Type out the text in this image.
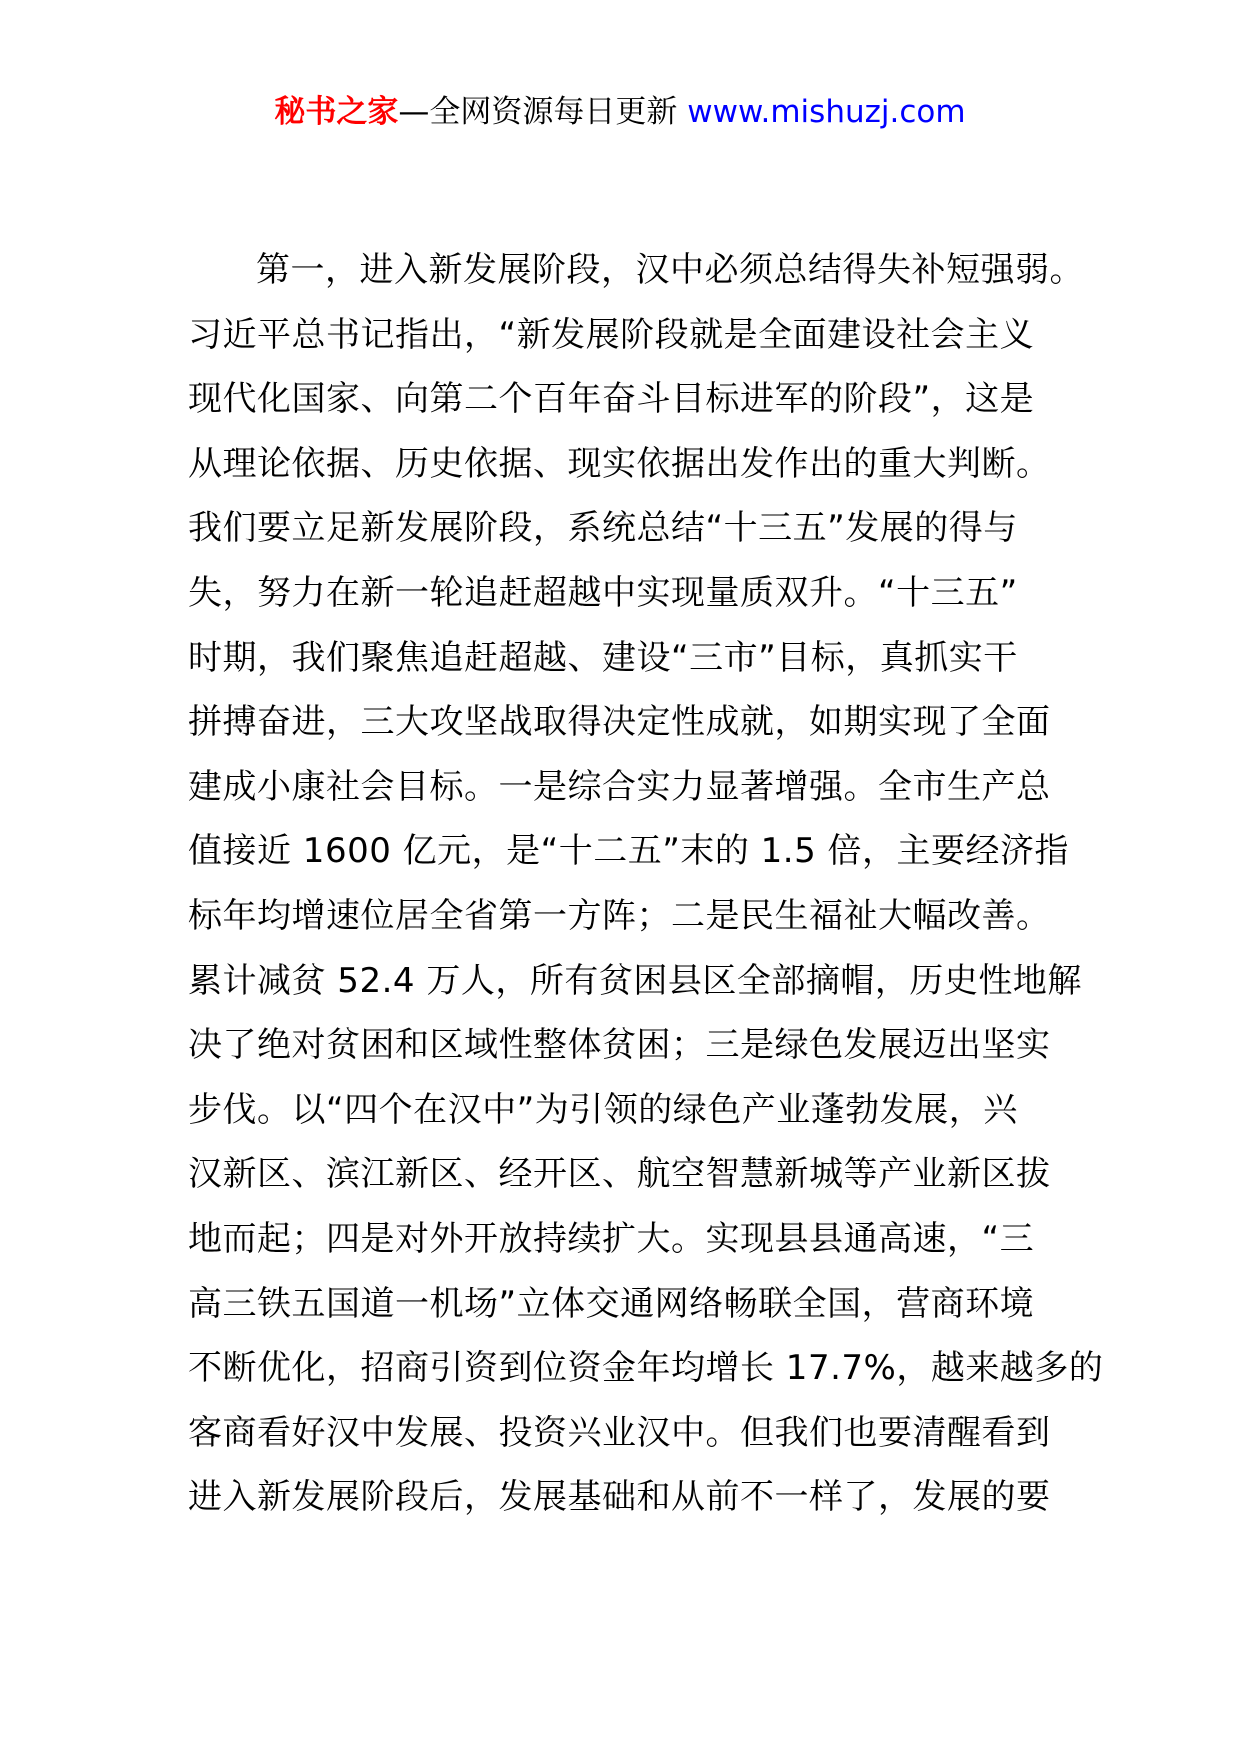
秘书之家—全网资源每日更新 www.mishuzj.com
第一，进入新发展阶段，汉中必须总结得失补短强弱。
习近平总书记指出，“新发展阶段就是全面建设社会主义
现代化国家、向第二个百年奋斗目标进军的阶段”，这是
从理论依据、历史依据、现实依据出发作出的重大判断。
我们要立足新发展阶段，系统总结“十三五”发展的得与
失，努力在新一轮追赶超越中实现量质双升。“十三五”
时期，我们聚焦追赶超越、建设“三市”目标，真抓实干
拼搏奋进，三大攻坚战取得决定性成就，如期实现了全面
建成小康社会目标。一是综合实力显著增强。全市生产总
值接近 1600 亿元，是“十二五”末的 1.5 倍，主要经济指
标年均增速位居全省第一方阵；二是民生福祉大幅改善。
累计减贫 52.4 万人，所有贫困县区全部摘帽，历史性地解
决了绝对贫困和区域性整体贫困；三是绿色发展迈出坚实
步伐。以“四个在汉中”为引领的绿色产业蓬勃发展，兴
汉新区、滨江新区、经开区、航空智慧新城等产业新区拔
地而起；四是对外开放持续扩大。实现县县通高速，“三
高三铁五国道一机场”立体交通网络畅联全国，营商环境
不断优化，招商引资到位资金年均增长 17.7%，越来越多的
客商看好汉中发展、投资兴业汉中。但我们也要清醒看到
进入新发展阶段后，发展基础和从前不一样了，发展的要
